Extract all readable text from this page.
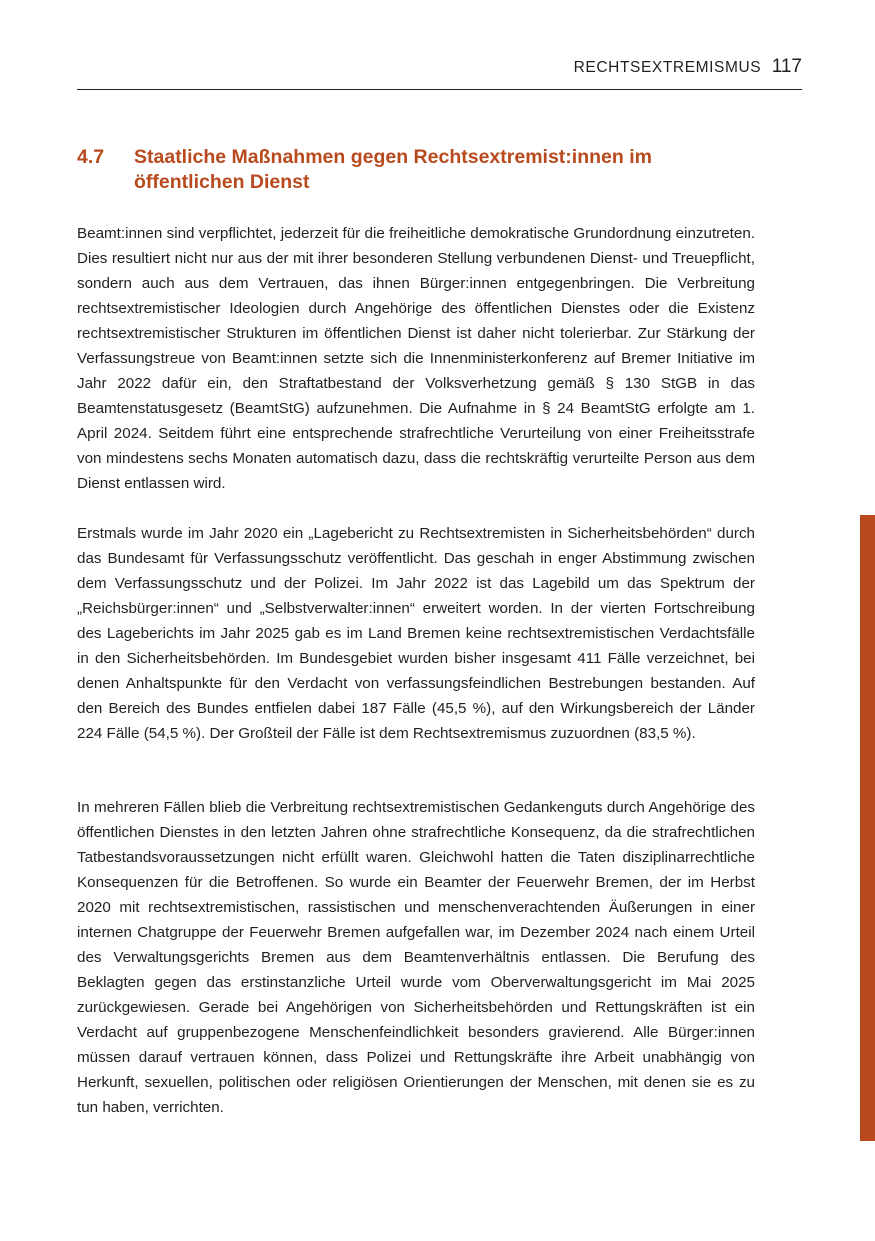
RECHTSEXTREMISMUS 117
4.7	Staatliche Maßnahmen gegen Rechtsextremist:innen im öffentlichen Dienst

Beamt:innen sind verpflichtet, jederzeit für die freiheitliche demokratische Grundordnung einzutreten. Dies resultiert nicht nur aus der mit ihrer besonderen Stellung verbundenen Dienst- und Treuepflicht, sondern auch aus dem Vertrauen, das ihnen Bürger:innen entgegenbringen. Die Verbreitung rechtsextremistischer Ideologien durch Angehörige des öffentlichen Dienstes oder die Existenz rechtsextremistischer Strukturen im öffentlichen Dienst ist daher nicht tolerierbar. Zur Stärkung der Verfassungstreue von Beamt:innen setzte sich die Innenministerkonferenz auf Bremer Initiative im Jahr 2022 dafür ein, den Straftatbestand der Volksverhetzung gemäß § 130 StGB in das Beamtenstatusgesetz (BeamtStG) aufzunehmen. Die Aufnahme in § 24 BeamtStG erfolgte am 1. April 2024. Seitdem führt eine entsprechende strafrechtliche Verurteilung von einer Freiheitsstrafe von mindestens sechs Monaten automatisch dazu, dass die rechtskräftig verurteilte Person aus dem Dienst entlassen wird.

Erstmals wurde im Jahr 2020 ein „Lagebericht zu Rechtsextremisten in Sicherheitsbehörden“ durch das Bundesamt für Verfassungsschutz veröffentlicht. Das geschah in enger Abstimmung zwischen dem Verfassungsschutz und der Polizei. Im Jahr 2022 ist das Lagebild um das Spektrum der „Reichsbürger:innen“ und „Selbstverwalter:innen“ erweitert worden. In der vierten Fortschreibung des Lageberichts im Jahr 2025 gab es im Land Bremen keine rechtsextremistischen Verdachtsfälle in den Sicherheitsbehörden. Im Bundesgebiet wurden bisher insgesamt 411 Fälle verzeichnet, bei denen Anhaltspunkte für den Verdacht von verfassungsfeindlichen Bestrebungen bestanden. Auf den Bereich des Bundes entfielen dabei 187 Fälle (45,5 %), auf den Wirkungsbereich der Länder 224 Fälle (54,5 %). Der Großteil der Fälle ist dem Rechtsextremismus zuzuordnen (83,5 %).

In mehreren Fällen blieb die Verbreitung rechtsextremistischen Gedankenguts durch Angehörige des öffentlichen Dienstes in den letzten Jahren ohne strafrechtliche Konsequenz, da die strafrechtlichen Tatbestandsvoraussetzungen nicht erfüllt waren. Gleichwohl hatten die Taten disziplinarrechtliche Konsequenzen für die Betroffenen. So wurde ein Beamter der Feuerwehr Bremen, der im Herbst 2020 mit rechtsextremistischen, rassistischen und menschenverachtenden Äußerungen in einer internen Chatgruppe der Feuerwehr Bremen aufgefallen war, im Dezember 2024 nach einem Urteil des Verwaltungsgerichts Bremen aus dem Beamtenverhältnis entlassen. Die Berufung des Beklagten gegen das erstinstanzliche Urteil wurde vom Oberverwaltungsgericht im Mai 2025 zurückgewiesen. Gerade bei Angehörigen von Sicherheitsbehörden und Rettungskräften ist ein Verdacht auf gruppenbezogene Menschenfeindlichkeit besonders gravierend. Alle Bürger:innen müssen darauf vertrauen können, dass Polizei und Rettungskräfte ihre Arbeit unabhängig von Herkunft, sexuellen, politischen oder religiösen Orientierungen der Menschen, mit denen sie es zu tun haben, verrichten.
